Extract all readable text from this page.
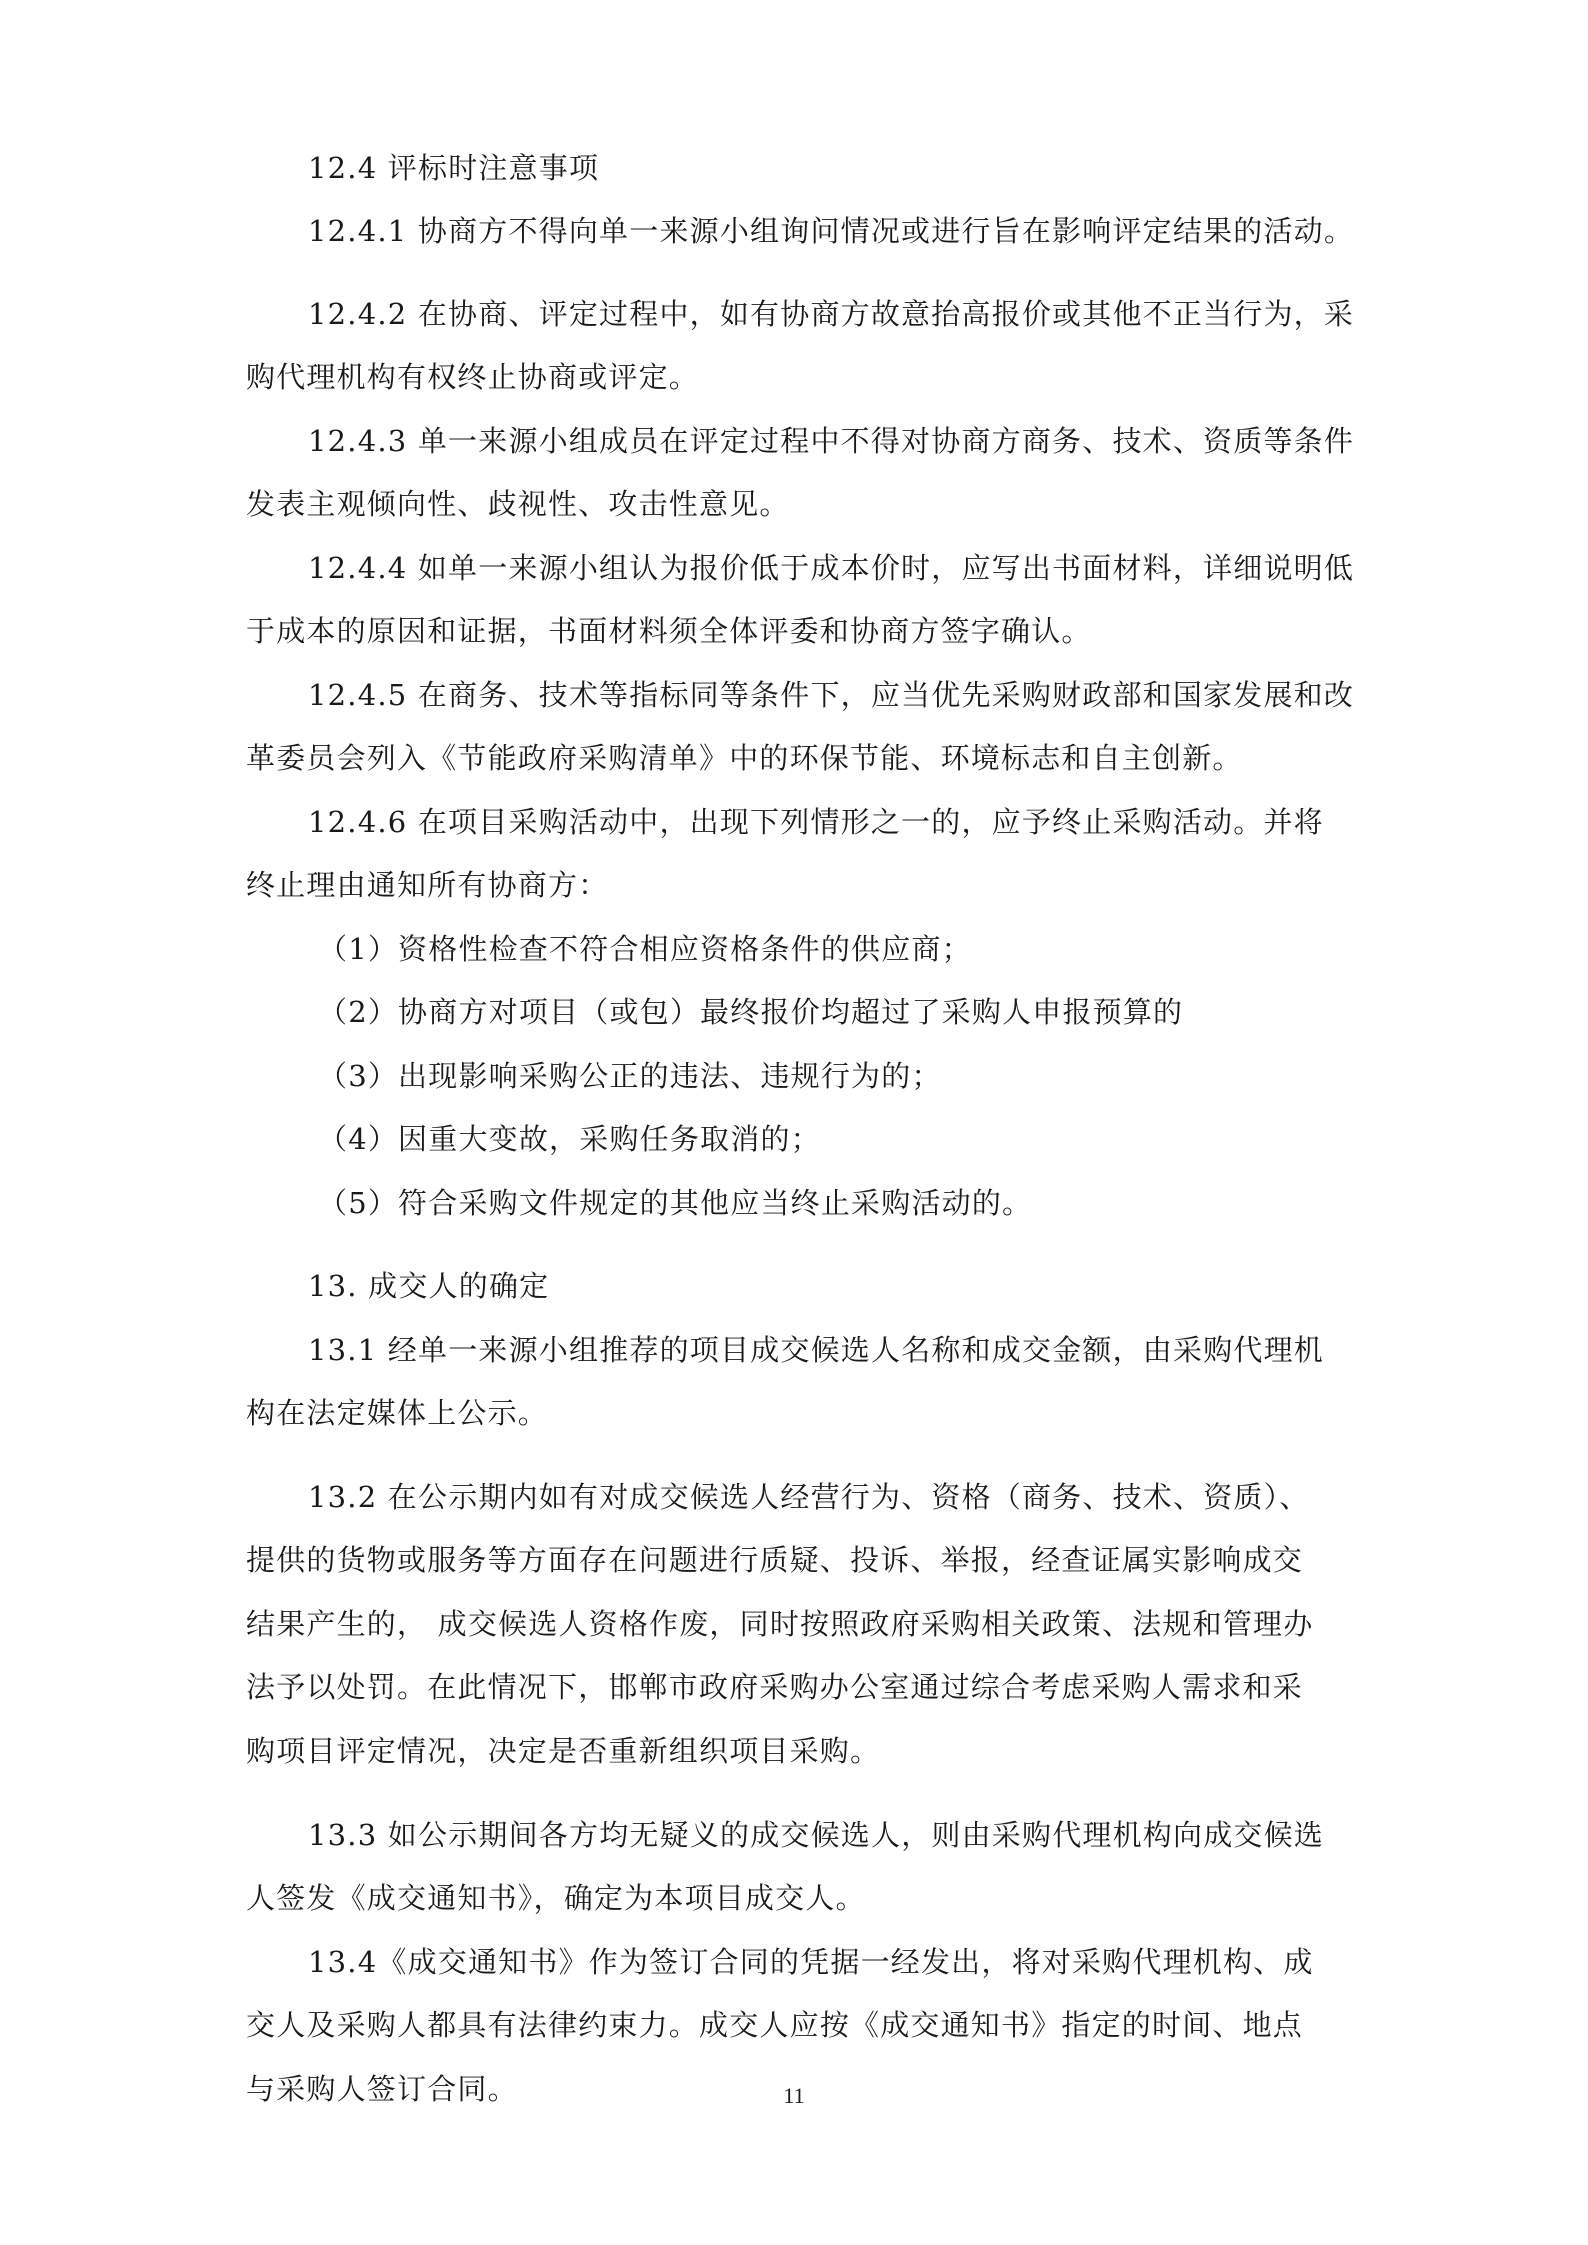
12.4 评标时注意事项
12.4.1 协商方不得向单一来源小组询问情况或进行旨在影响评定结果的活动。
12.4.2 在协商、评定过程中，如有协商方故意抬高报价或其他不正当行为，采
购代理机构有权终止协商或评定。
12.4.3 单一来源小组成员在评定过程中不得对协商方商务、技术、资质等条件
发表主观倾向性、歧视性、攻击性意见。
12.4.4 如单一来源小组认为报价低于成本价时，应写出书面材料，详细说明低
于成本的原因和证据，书面材料须全体评委和协商方签字确认。
12.4.5 在商务、技术等指标同等条件下，应当优先采购财政部和国家发展和改
革委员会列入《节能政府采购清单》中的环保节能、环境标志和自主创新。
12.4.6 在项目采购活动中，出现下列情形之一的，应予终止采购活动。并将
终止理由通知所有协商方：
（1）资格性检查不符合相应资格条件的供应商；
（2）协商方对项目（或包）最终报价均超过了采购人申报预算的
（3）出现影响采购公正的违法、违规行为的；
（4）因重大变故，采购任务取消的；
（5）符合采购文件规定的其他应当终止采购活动的。
13. 成交人的确定
13.1 经单一来源小组推荐的项目成交候选人名称和成交金额，由采购代理机
构在法定媒体上公示。
13.2 在公示期内如有对成交候选人经营行为、资格（商务、技术、资质）、
提供的货物或服务等方面存在问题进行质疑、投诉、举报，经查证属实影响成交
结果产生的， 成交候选人资格作废，同时按照政府采购相关政策、法规和管理办
法予以处罚。在此情况下，邯郸市政府采购办公室通过综合考虑采购人需求和采
购项目评定情况，决定是否重新组织项目采购。
13.3 如公示期间各方均无疑义的成交候选人，则由采购代理机构向成交候选
人签发《成交通知书》，确定为本项目成交人。
13.4《成交通知书》作为签订合同的凭据一经发出，将对采购代理机构、成
交人及采购人都具有法律约束力。成交人应按《成交通知书》指定的时间、地点
与采购人签订合同。	11
